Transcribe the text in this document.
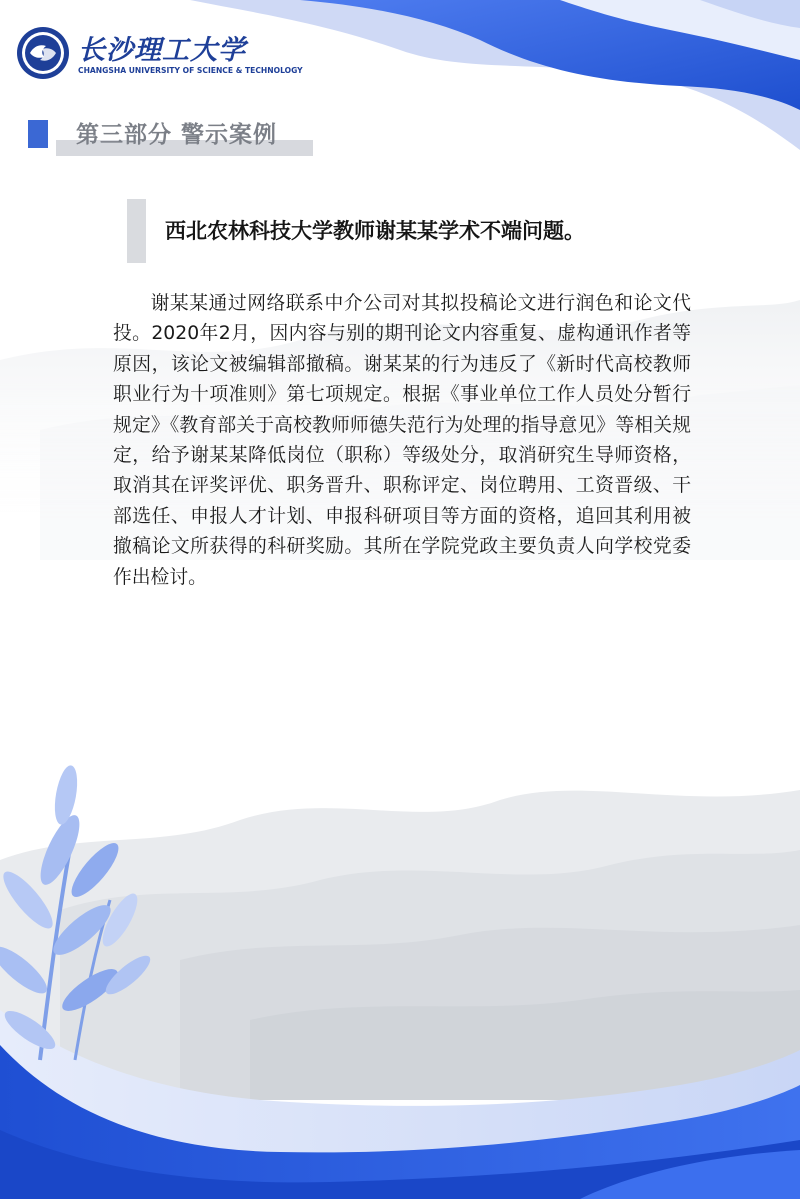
长沙理工大学

CHANGSHA UNIVERSITY OF SCIENCE & TECHNOLOGY

第三部分 警示案例
西北农林科技大学教师谢某某学术不端问题。

谢某某通过网络联系中介公司对其拟投稿论文进行润色和论文代投。2020年2月，因内容与别的期刊论文内容重复、虚构通讯作者等原因，该论文被编辑部撤稿。谢某某的行为违反了《新时代高校教师职业行为十项准则》第七项规定。根据《事业单位工作人员处分暂行规定》《教育部关于高校教师师德失范行为处理的指导意见》等相关规定，给予谢某某降低岗位（职称）等级处分，取消研究生导师资格，取消其在评奖评优、职务晋升、职称评定、岗位聘用、工资晋级、干部选任、申报人才计划、申报科研项目等方面的资格，追回其利用被撤稿论文所获得的科研奖励。其所在学院党政主要负责人向学校党委作出检讨。
